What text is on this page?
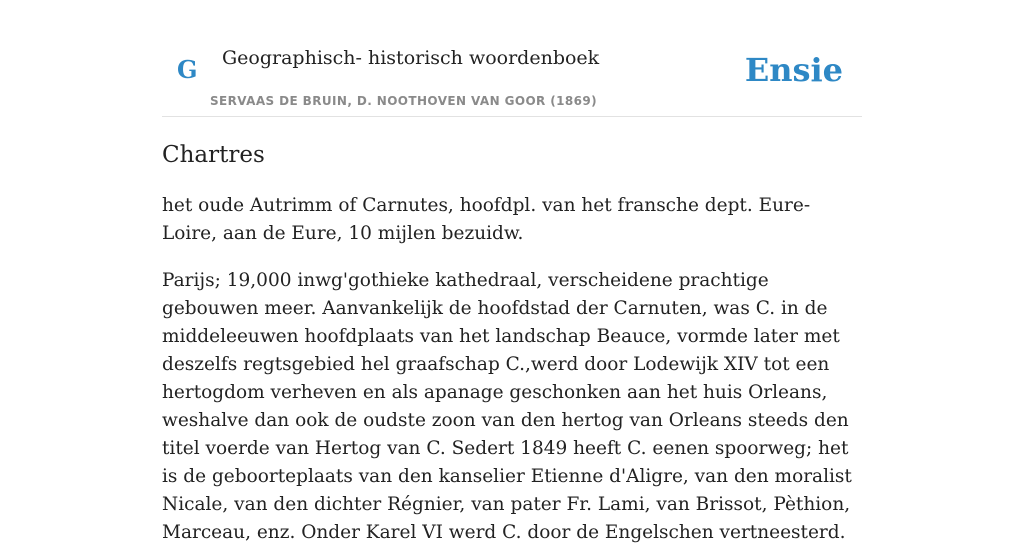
G Geographisch- historisch woordenboek
SERVAAS DE BRUIN, D. NOOTHOVEN VAN GOOR (1869)
Ensie
Chartres

het oude Autrimm of Carnutes, hoofdpl. van het fransche dept. Eure-Loire, aan de Eure, 10 mijlen bezuidw.

Parijs; 19,000 inwg'gothieke kathedraal, verscheidene prachtige gebouwen meer. Aanvankelijk de hoofdstad der Carnuten, was C. in de middeleeuwen hoofdplaats van het landschap Beauce, vormde later met deszelfs regtsgebied hel graafschap C.,werd door Lodewijk XIV tot een hertogdom verheven en als apanage geschonken aan het huis Orleans, weshalve dan ook de oudste zoon van den hertog van Orleans steeds den titel voerde van Hertog van C. Sedert 1849 heeft C. eenen spoorweg; het is de geboorteplaats van den kanselier Etienne d'Aligre, van den moralist Nicale, van den dichter Régnier, van pater Fr. Lami, van Brissot, Pèthion, Marceau, enz. Onder Karel VI werd C. door de Engelschen vertneesterd.
